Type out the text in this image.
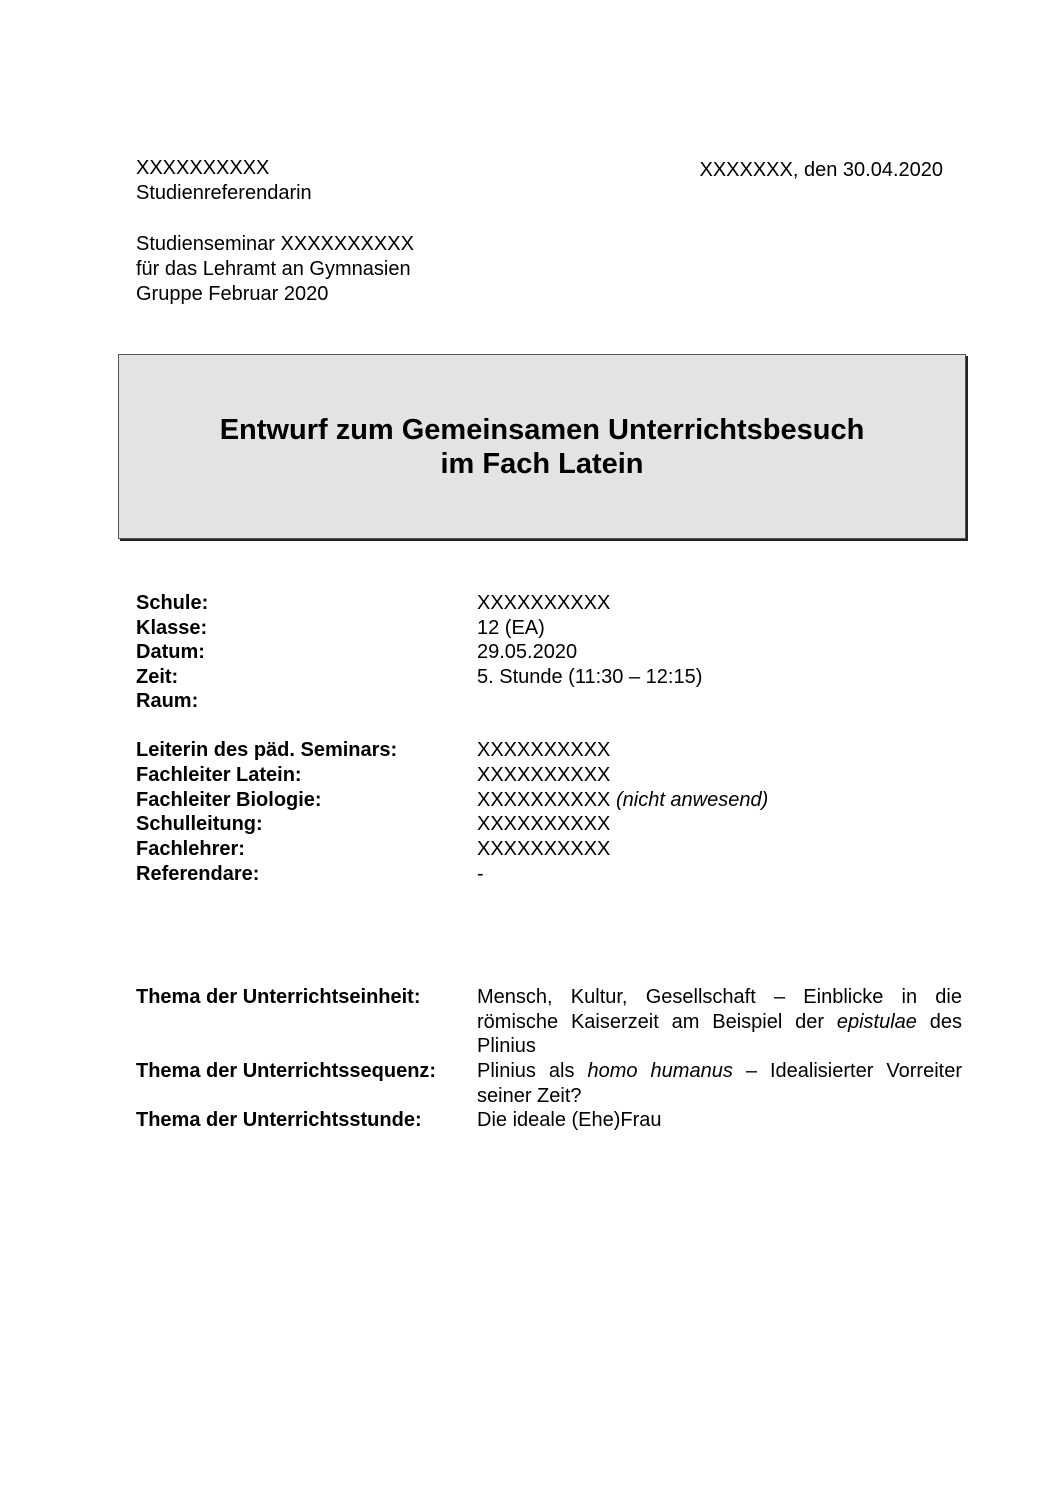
XXXXXXXXXX
Studienreferendarin
XXXXXXX, den 30.04.2020
Studienseminar XXXXXXXXXX
für das Lehramt an Gymnasien
Gruppe Februar 2020
Entwurf zum Gemeinsamen Unterrichtsbesuch
im Fach Latein
Schule:	XXXXXXXXXX
Klasse:	12 (EA)
Datum:	29.05.2020
Zeit:	5. Stunde (11:30 – 12:15)
Raum:
Leiterin des päd. Seminars:	XXXXXXXXXX
Fachleiter Latein:	XXXXXXXXXX
Fachleiter Biologie:	XXXXXXXXXX (nicht anwesend)
Schulleitung:	XXXXXXXXXX
Fachlehrer:	XXXXXXXXXX
Referendare:	-
Thema der Unterrichtseinheit:	Mensch, Kultur, Gesellschaft – Einblicke in die
römische Kaiserzeit am Beispiel der epistulae des
Plinius
Thema der Unterrichtssequenz: Plinius als homo humanus – Idealisierter Vorreiter
seiner Zeit?
Thema der Unterrichtsstunde:	Die ideale (Ehe)Frau
